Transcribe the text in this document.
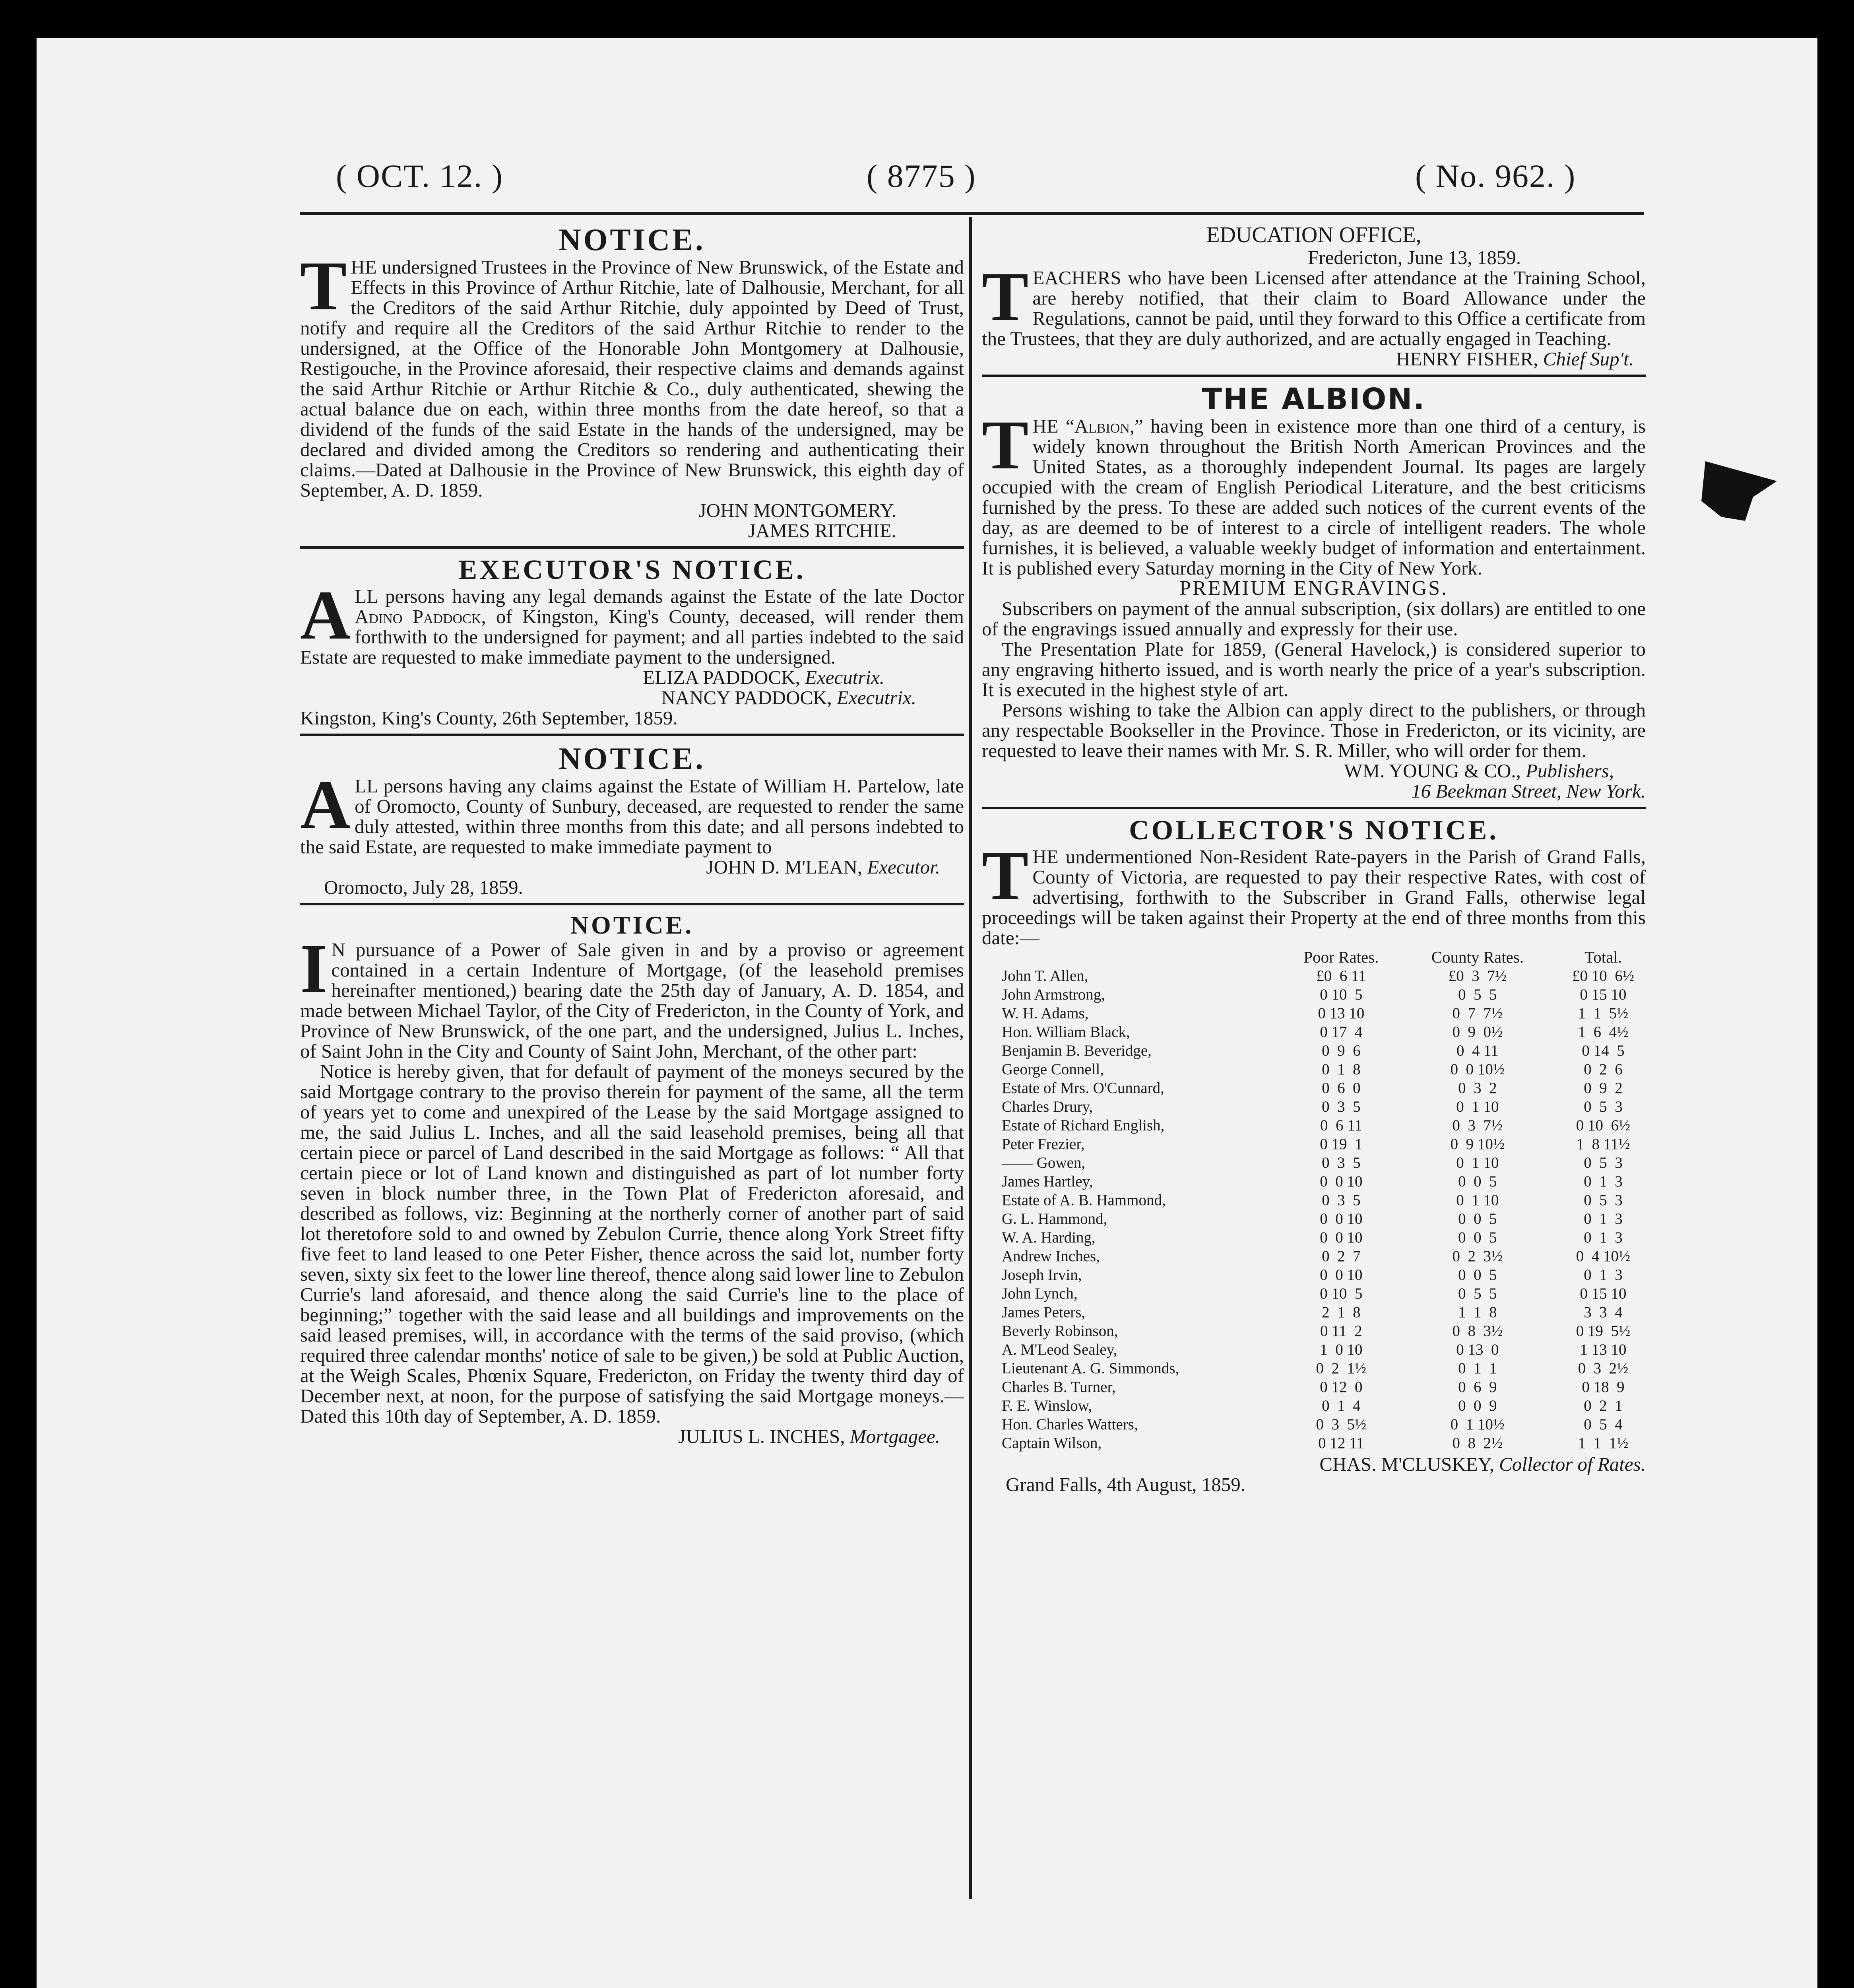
( OCT. 12. )	( 8775 )	( No. 962. )

NOTICE.

THE undersigned Trustees in the Province of New Brunswick, of the Estate and Effects in this Province of Arthur Ritchie, late of Dalhousie, Merchant, for all the Creditors of the said Arthur Ritchie, duly appointed by Deed of Trust, notify and require all the Creditors of the said Arthur Ritchie to render to the undersigned, at the Office of the Honorable John Montgomery at Dalhousie, Restigouche, in the Province aforesaid, their respective claims and demands against the said Arthur Ritchie or Arthur Ritchie & Co., duly authenticated, shewing the actual balance due on each, within three months from the date hereof, so that a dividend of the funds of the said Estate in the hands of the undersigned, may be declared and divided among the Creditors so rendering and authenticating their claims.—Dated at Dalhousie in the Province of New Brunswick, this eighth day of September, A. D. 1859.

JOHN MONTGOMERY.

JAMES RITCHIE.

EXECUTOR'S NOTICE.

ALL persons having any legal demands against the Estate of the late Doctor Adino Paddock, of Kingston, King's County, deceased, will render them forthwith to the undersigned for payment; and all parties indebted to the said Estate are requested to make immediate payment to the undersigned.

ELIZA PADDOCK, Executrix.

NANCY PADDOCK, Executrix.

Kingston, King's County, 26th September, 1859.

NOTICE.

ALL persons having any claims against the Estate of William H. Partelow, late of Oromocto, County of Sunbury, deceased, are requested to render the same duly attested, within three months from this date; and all persons indebted to the said Estate, are requested to make immediate payment to

JOHN D. M'LEAN, Executor.

Oromocto, July 28, 1859.

NOTICE.

I N pursuance of a Power of Sale given in and by a proviso or agreement contained in a certain Indenture of Mortgage, (of the leasehold premises hereinafter mentioned,) bearing date the 25th day of January, A. D. 1854, and made between Michael Taylor, of the City of Fredericton, in the County of York, and Province of New Brunswick, of the one part, and the undersigned, Julius L. Inches, of Saint John in the City and County of Saint John, Merchant, of the other part:

Notice is hereby given, that for default of payment of the moneys secured by the said Mortgage contrary to the proviso therein for payment of the same, all the term of years yet to come and unexpired of the Lease by the said Mortgage assigned to me, the said Julius L. Inches, and all the said leasehold premises, being all that certain piece or parcel of Land described in the said Mortgage as follows: “ All that certain piece or lot of Land known and distinguished as part of lot number forty seven in block number three, in the Town Plat of Fredericton aforesaid, and described as follows, viz: Beginning at the northerly corner of another part of said lot theretofore sold to and owned by Zebulon Currie, thence along York Street fifty five feet to land leased to one Peter Fisher, thence across the said lot, number forty seven, sixty six feet to the lower line thereof, thence along said lower line to Zebulon Currie's land aforesaid, and thence along the said Currie's line to the place of beginning;” together with the said lease and all buildings and improvements on the said leased premises, will, in accordance with the terms of the said proviso, (which required three calendar months' notice of sale to be given,) be sold at Public Auction, at the Weigh Scales, Phœnix Square, Fredericton, on Friday the twenty third day of December next, at noon, for the purpose of satisfying the said Mortgage moneys.—Dated this 10th day of September, A. D. 1859.

JULIUS L. INCHES, Mortgagee.

EDUCATION OFFICE,

Fredericton, June 13, 1859.

TEACHERS who have been Licensed after attendance at the Training School, are hereby notified, that their claim to Board Allowance under the Regulations, cannot be paid, until they forward to this Office a certificate from the Trustees, that they are duly authorized, and are actually engaged in Teaching.

HENRY FISHER, Chief Sup't.

THE ALBION.

THE “Albion,” having been in existence more than one third of a century, is widely known throughout the British North American Provinces and the United States, as a thoroughly independent Journal. Its pages are largely occupied with the cream of English Periodical Literature, and the best criticisms furnished by the press. To these are added such notices of the current events of the day, as are deemed to be of interest to a circle of intelligent readers. The whole furnishes, it is believed, a valuable weekly budget of information and entertainment. It is published every Saturday morning in the City of New York.

PREMIUM ENGRAVINGS.

Subscribers on payment of the annual subscription, (six dollars) are entitled to one of the engravings issued annually and expressly for their use.

The Presentation Plate for 1859, (General Havelock,) is considered superior to any engraving hitherto issued, and is worth nearly the price of a year's subscription. It is executed in the highest style of art.

Persons wishing to take the Albion can apply direct to the publishers, or through any respectable Bookseller in the Province. Those in Fredericton, or its vicinity, are requested to leave their names with Mr. S. R. Miller, who will order for them.

WM. YOUNG & CO., Publishers,

16 Beekman Street, New York.

COLLECTOR'S NOTICE.

THE undermentioned Non-Resident Rate-payers in the Parish of Grand Falls, County of Victoria, are requested to pay their respective Rates, with cost of advertising, forthwith to the Subscriber in Grand Falls, otherwise legal proceedings will be taken against their Property at the end of three months from this date:—

	Poor Rates.	County Rates.	Total.
John T. Allen,	£0  6 11	£0  3  7½	£0 10  6½
John Armstrong,	0 10  5	0  5  5	0 15 10
W. H. Adams,	0 13 10	0  7  7½	1  1  5½
Hon. William Black,	0 17  4	0  9  0½	1  6  4½
Benjamin B. Beveridge,	0  9  6	0  4 11	0 14  5
George Connell,	0  1  8	0  0 10½	0  2  6
Estate of Mrs. O'Cunnard,	0  6  0	0  3  2	0  9  2
Charles Drury,	0  3  5	0  1 10	0  5  3
Estate of Richard English,	0  6 11	0  3  7½	0 10  6½
Peter Frezier,	0 19  1	0  9 10½	1  8 11½
—— Gowen,	0  3  5	0  1 10	0  5  3
James Hartley,	0  0 10	0  0  5	0  1  3
Estate of A. B. Hammond,	0  3  5	0  1 10	0  5  3
G. L. Hammond,	0  0 10	0  0  5	0  1  3
W. A. Harding,	0  0 10	0  0  5	0  1  3
Andrew Inches,	0  2  7	0  2  3½	0  4 10½
Joseph Irvin,	0  0 10	0  0  5	0  1  3
John Lynch,	0 10  5	0  5  5	0 15 10
James Peters,	2  1  8	1  1  8	3  3  4
Beverly Robinson,	0 11  2	0  8  3½	0 19  5½
A. M'Leod Sealey,	1  0 10	0 13  0	1 13 10
Lieutenant A. G. Simmonds,	0  2  1½	0  1  1	0  3  2½
Charles B. Turner,	0 12  0	0  6  9	0 18  9
F. E. Winslow,	0  1  4	0  0  9	0  2  1
Hon. Charles Watters,	0  3  5½	0  1 10½	0  5  4
Captain Wilson,	0 12 11	0  8  2½	1  1  1½

CHAS. M'CLUSKEY, Collector of Rates.

Grand Falls, 4th August, 1859.
